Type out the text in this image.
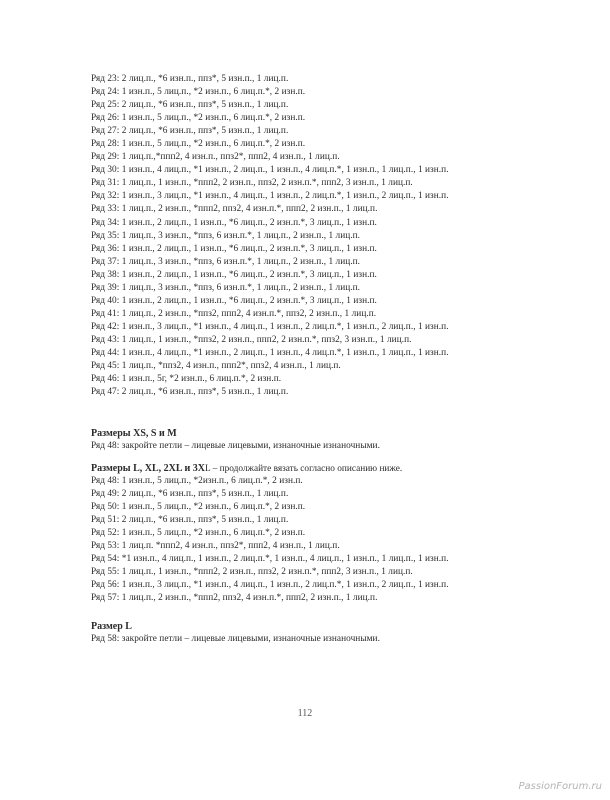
Ряд 23: 2 лиц.п., *6 изн.п., ппз*, 5 изн.п., 1 лиц.п.
Ряд 24: 1 изн.п., 5 лиц.п., *2 изн.п., 6 лиц.п.*, 2 изн.п.
Ряд 25: 2 лиц.п., *6 изн.п., ппз*, 5 изн.п., 1 лиц.п.
Ряд 26: 1 изн.п., 5 лиц.п., *2 изн.п., 6 лиц.п.*, 2 изн.п.
Ряд 27: 2 лиц.п., *6 изн.п., ппз*, 5 изн.п., 1 лиц.п.
Ряд 28: 1 изн.п., 5 лиц.п., *2 изн.п., 6 лиц.п.*, 2 изн.п.
Ряд 29: 1 лиц.п.,*ппп2, 4 изн.п., ппз2*, ппп2, 4 изн.п., 1 лиц.п.
Ряд 30: 1 изн.п., 4 лиц.п., *1 изн.п., 2 лиц.п., 1 изн.п., 4 лиц.п.*, 1 изн.п., 1 лиц.п., 1 изн.п.
Ряд 31: 1 лиц.п., 1 изн.п., *ппп2, 2 изн.п., ппз2, 2 изн.п.*, ппп2, 3 изн.п., 1 лиц.п.
Ряд 32: 1 изн.п., 3 лиц.п., *1 изн.п., 4 лиц.п., 1 изн.п., 2 лиц.п.*, 1 изн.п., 2 лиц.п., 1 изн.п.
Ряд 33: 1 лиц.п., 2 изн.п., *ппп2, ппз2, 4 изн.п.*, ппп2, 2 изн.п., 1 лиц.п.
Ряд 34: 1 изн.п., 2 лиц.п., 1 изн.п., *6 лиц.п., 2 изн.п.*, 3 лиц.п., 1 изн.п.
Ряд 35: 1 лиц.п., 3 изн.п., *ппз, 6 изн.п.*, 1 лиц.п., 2 изн.п., 1 лиц.п.
Ряд 36: 1 изн.п., 2 лиц.п., 1 изн.п., *6 лиц.п., 2 изн.п.*, 3 лиц.п., 1 изн.п.
Ряд 37: 1 лиц.п., 3 изн.п., *ппз, 6 изн.п.*, 1 лиц.п., 2 изн.п., 1 лиц.п.
Ряд 38: 1 изн.п., 2 лиц.п., 1 изн.п., *6 лиц.п., 2 изн.п.*, 3 лиц.п., 1 изн.п.
Ряд 39: 1 лиц.п., 3 изн.п., *ппз, 6 изн.п.*, 1 лиц.п., 2 изн.п., 1 лиц.п.
Ряд 40: 1 изн.п., 2 лиц.п., 1 изн.п., *6 лиц.п., 2 изн.п.*, 3 лиц.п., 1 изн.п.
Ряд 41: 1 лиц.п., 2 изн.п., *ппз2, ппп2, 4 изн.п.*, ппз2, 2 изн.п., 1 лиц.п.
Ряд 42: 1 изн.п., 3 лиц.п., *1 изн.п., 4 лиц.п., 1 изн.п., 2 лиц.п.*, 1 изн.п., 2 лиц.п., 1 изн.п.
Ряд 43: 1 лиц.п., 1 изн.п., *ппз2, 2 изн.п., ппп2, 2 изн.п.*, ппз2, 3 изн.п., 1 лиц.п.
Ряд 44: 1 изн.п., 4 лиц.п., *1 изн.п., 2 лиц.п., 1 изн.п., 4 лиц.п.*, 1 изн.п., 1 лиц.п., 1 изн.п.
Ряд 45: 1 лиц.п., *ппз2, 4 изн.п., ппп2*, ппз2, 4 изн.п., 1 лиц.п.
Ряд 46: 1 изн.п., 5г, *2 изн.п., 6 лиц.п.*, 2 изн.п.
Ряд 47: 2 лиц.п., *6 изн.п., ппз*, 5 изн.п., 1 лиц.п.
Размеры XS, S и M
Ряд 48: закройте петли – лицевые лицевыми, изнаночные изнаночными.
Размеры L, XL, 2XL и 3XL – продолжайте вязать согласно описанию ниже.
Ряд 48: 1 изн.п., 5 лиц.п., *2изн.п., 6 лиц.п.*, 2 изн.п.
Ряд 49: 2 лиц.п., *6 изн.п., ппз*, 5 изн.п., 1 лиц.п.
Ряд 50: 1 изн.п., 5 лиц.п., *2 изн.п., 6 лиц.п.*, 2 изн.п.
Ряд 51: 2 лиц.п., *6 изн.п., ппз*, 5 изн.п., 1 лиц.п.
Ряд 52: 1 изн.п., 5 лиц.п., *2 изн.п., 6 лиц.п.*, 2 изн.п.
Ряд 53: 1 лиц.п. *ппп2, 4 изн.п., ппз2*, ппп2, 4 изн.п., 1 лиц.п.
Ряд 54: *1 изн.п., 4 лиц.п., 1 изн.п., 2 лиц.п.*, 1 изн.п., 4 лиц.п., 1 изн.п., 1 лиц.п., 1 изн.п.
Ряд 55: 1 лиц.п., 1 изн.п., *ппп2, 2 изн.п., ппз2, 2 изн.п.*, ппп2, 3 изн.п., 1 лиц.п.
Ряд 56: 1 изн.п., 3 лиц.п., *1 изн.п., 4 лиц.п., 1 изн.п., 2 лиц.п.*, 1 изн.п., 2 лиц.п., 1 изн.п.
Ряд 57: 1 лиц.п., 2 изн.п., *ппп2, ппз2, 4 изн.п.*, ппп2, 2 изн.п., 1 лиц.п.
Размер L
Ряд 58: закройте петли – лицевые лицевыми, изнаночные изнаночными.
112
PassionForum.ru
